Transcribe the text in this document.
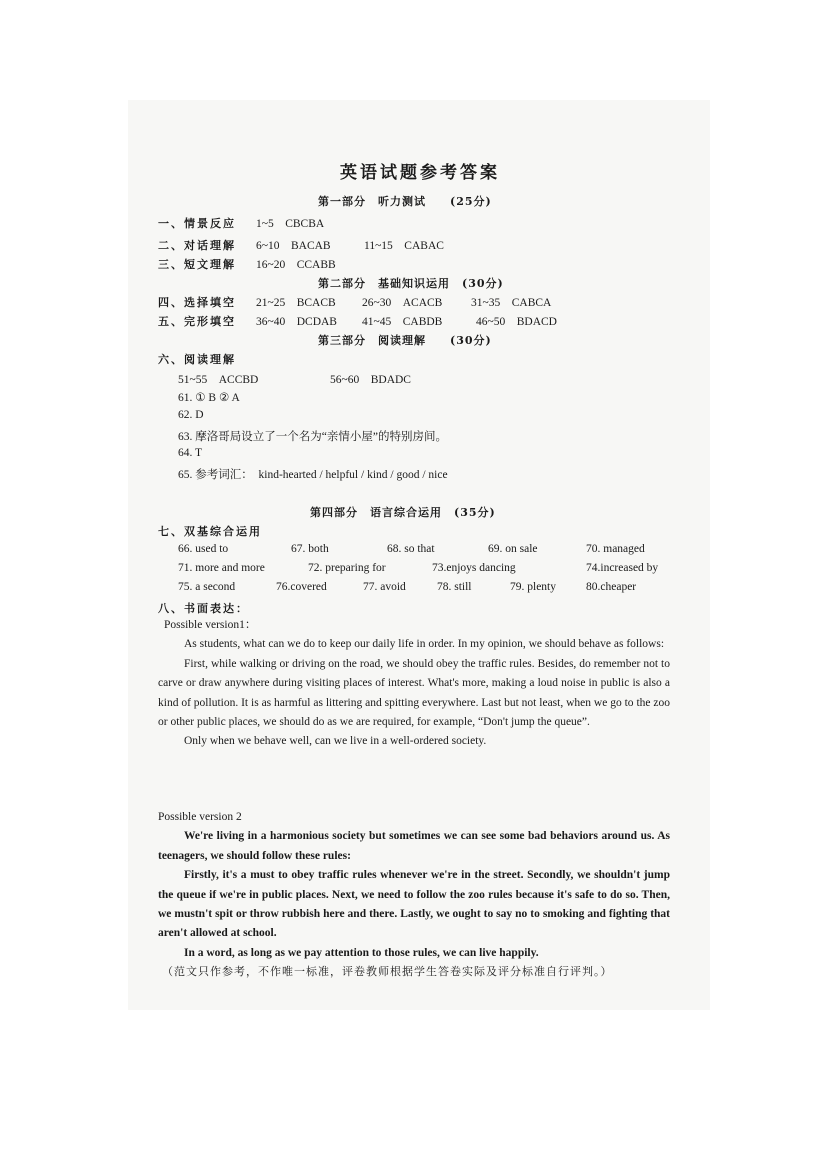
英语试题参考答案
第一部分　听力测试　　(25分)
一、情景反应 1~5　CBCBA
二、对话理解 6~10　BACAB	11~15　CABAC
三、短文理解 16~20　CCABB
第二部分　基础知识运用　(30分)
四、选择填空 21~25　BCACB 26~30　ACACB 31~35　CABCA
五、完形填空 36~40　DCDAB 41~45　CABDB	46~50　BDACD
第三部分　阅读理解　　(30分)
六、阅读理解
51~55　ACCBD	56~60　BDADC
61. ① B ② A
62. D
63. 摩洛哥局设立了一个名为“亲情小屋”的特别房间。
64. T
65. 参考词汇：　kind-hearted / helpful / kind / good / nice
第四部分　语言综合运用　(35分)
七、双基综合运用
66. used to	67. both	68. so that	69. on sale	70. managed
71. more and more	72. preparing for	73.enjoys dancing	74.increased by
75. a second	76.covered	77. avoid	78. still	79. plenty	80.cheaper
八、书面表达：

Possible version1：

As students, what can we do to keep our daily life in order. In my opinion, we should behave as follows:

First, while walking or driving on the road, we should obey the traffic rules. Besides, do remember not to carve or draw anywhere during visiting places of interest. What's more, making a loud noise in public is also a kind of pollution. It is as harmful as littering and spitting everywhere. Last but not least, when we go to the zoo or other public places, we should do as we are required, for example, “Don't jump the queue”.

Only when we behave well, can we live in a well-ordered society.

Possible version 2

We're living in a harmonious society but sometimes we can see some bad behaviors around us. As teenagers, we should follow these rules:

Firstly, it's a must to obey traffic rules whenever we're in the street. Secondly, we shouldn't jump the queue if we're in public places. Next, we need to follow the zoo rules because it's safe to do so. Then, we mustn't spit or throw rubbish here and there. Lastly, we ought to say no to smoking and fighting that aren't allowed at school.

In a word, as long as we pay attention to those rules, we can live happily.

（范文只作参考，不作唯一标准，评卷教师根据学生答卷实际及评分标准自行评判。）
